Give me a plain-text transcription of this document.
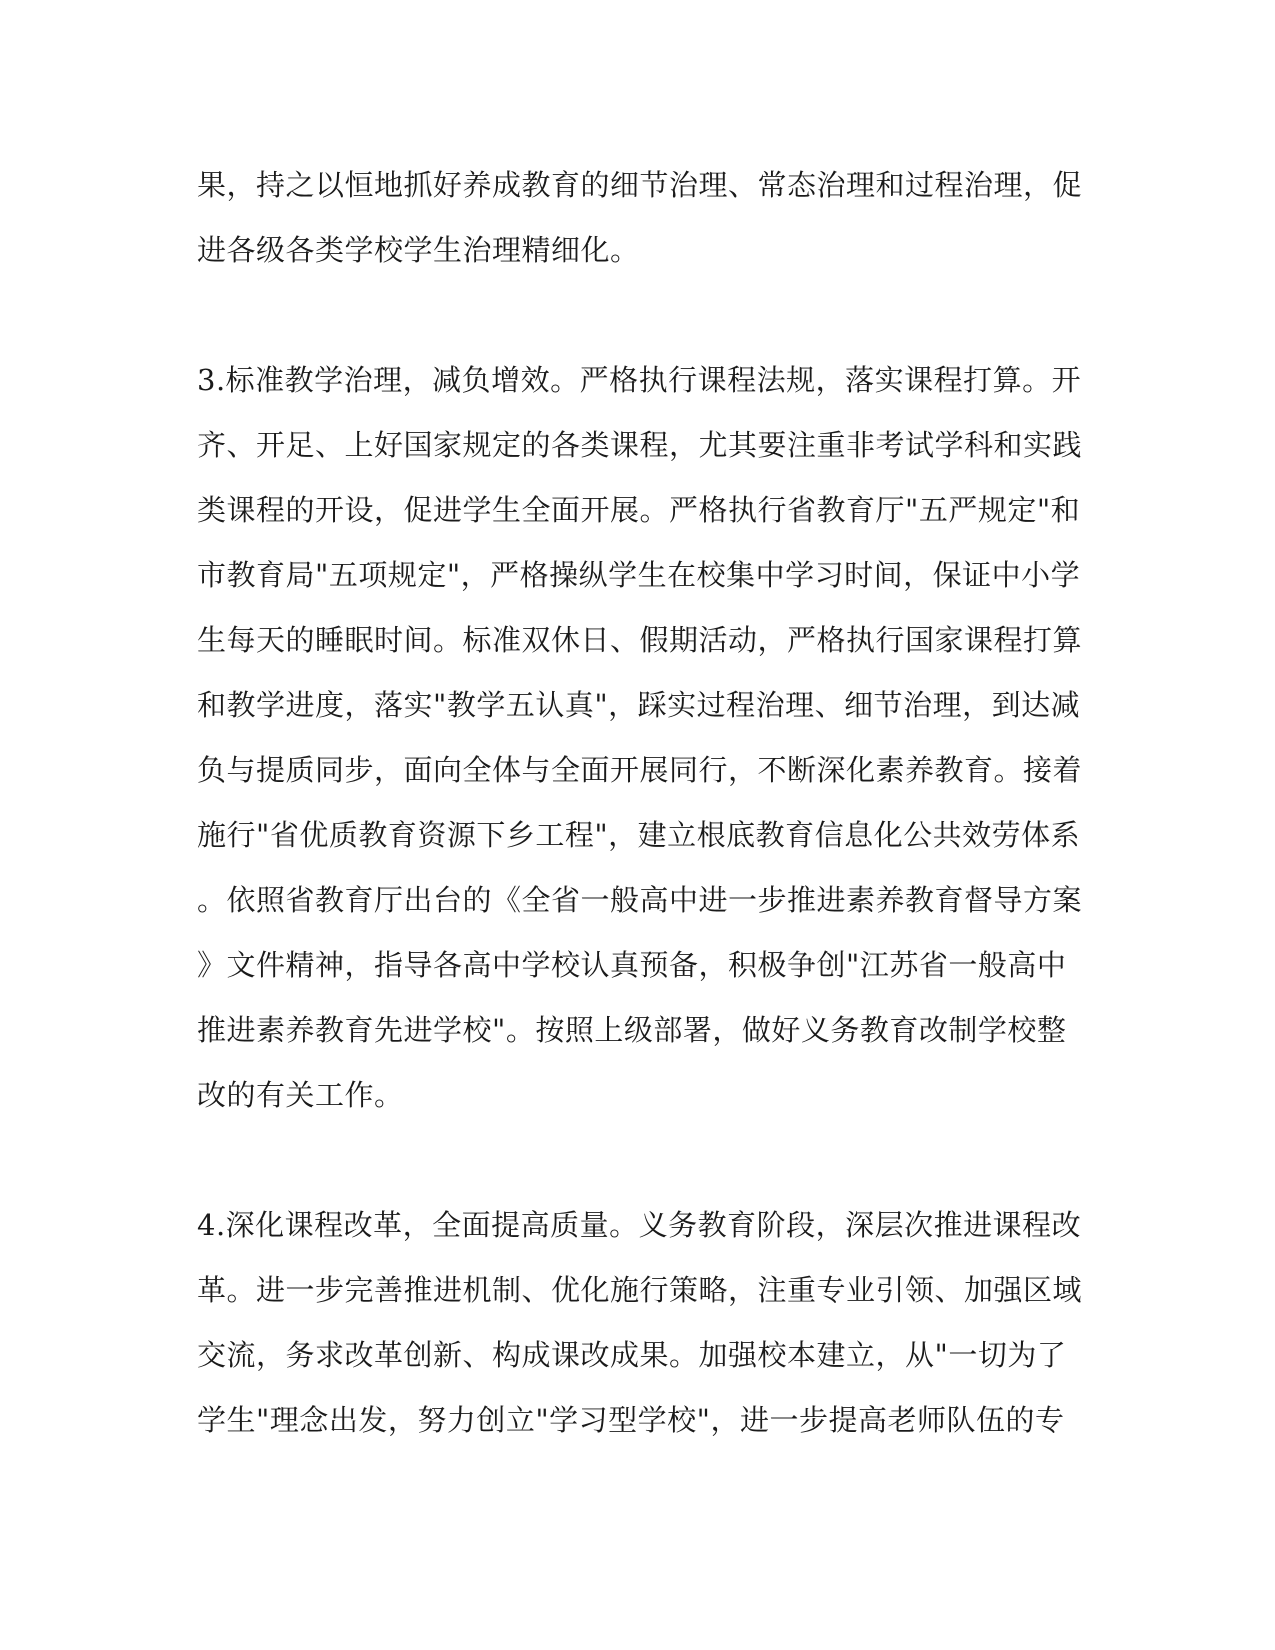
果，持之以恒地抓好养成教育的细节治理、常态治理和过程治理，促
进各级各类学校学生治理精细化。
3.标准教学治理，减负增效。严格执行课程法规，落实课程打算。开
齐、开足、上好国家规定的各类课程，尤其要注重非考试学科和实践
类课程的开设，促进学生全面开展。严格执行省教育厅"五严规定"和
市教育局"五项规定"，严格操纵学生在校集中学习时间，保证中小学
生每天的睡眠时间。标准双休日、假期活动，严格执行国家课程打算
和教学进度，落实"教学五认真"，踩实过程治理、细节治理，到达减
负与提质同步，面向全体与全面开展同行，不断深化素养教育。接着
施行"省优质教育资源下乡工程"，建立根底教育信息化公共效劳体系
。依照省教育厅出台的《全省一般高中进一步推进素养教育督导方案
》文件精神，指导各高中学校认真预备，积极争创"江苏省一般高中
推进素养教育先进学校"。按照上级部署，做好义务教育改制学校整
改的有关工作。
4.深化课程改革，全面提高质量。义务教育阶段，深层次推进课程改
革。进一步完善推进机制、优化施行策略，注重专业引领、加强区域
交流，务求改革创新、构成课改成果。加强校本建立，从"一切为了
学生"理念出发，努力创立"学习型学校"，进一步提高老师队伍的专
